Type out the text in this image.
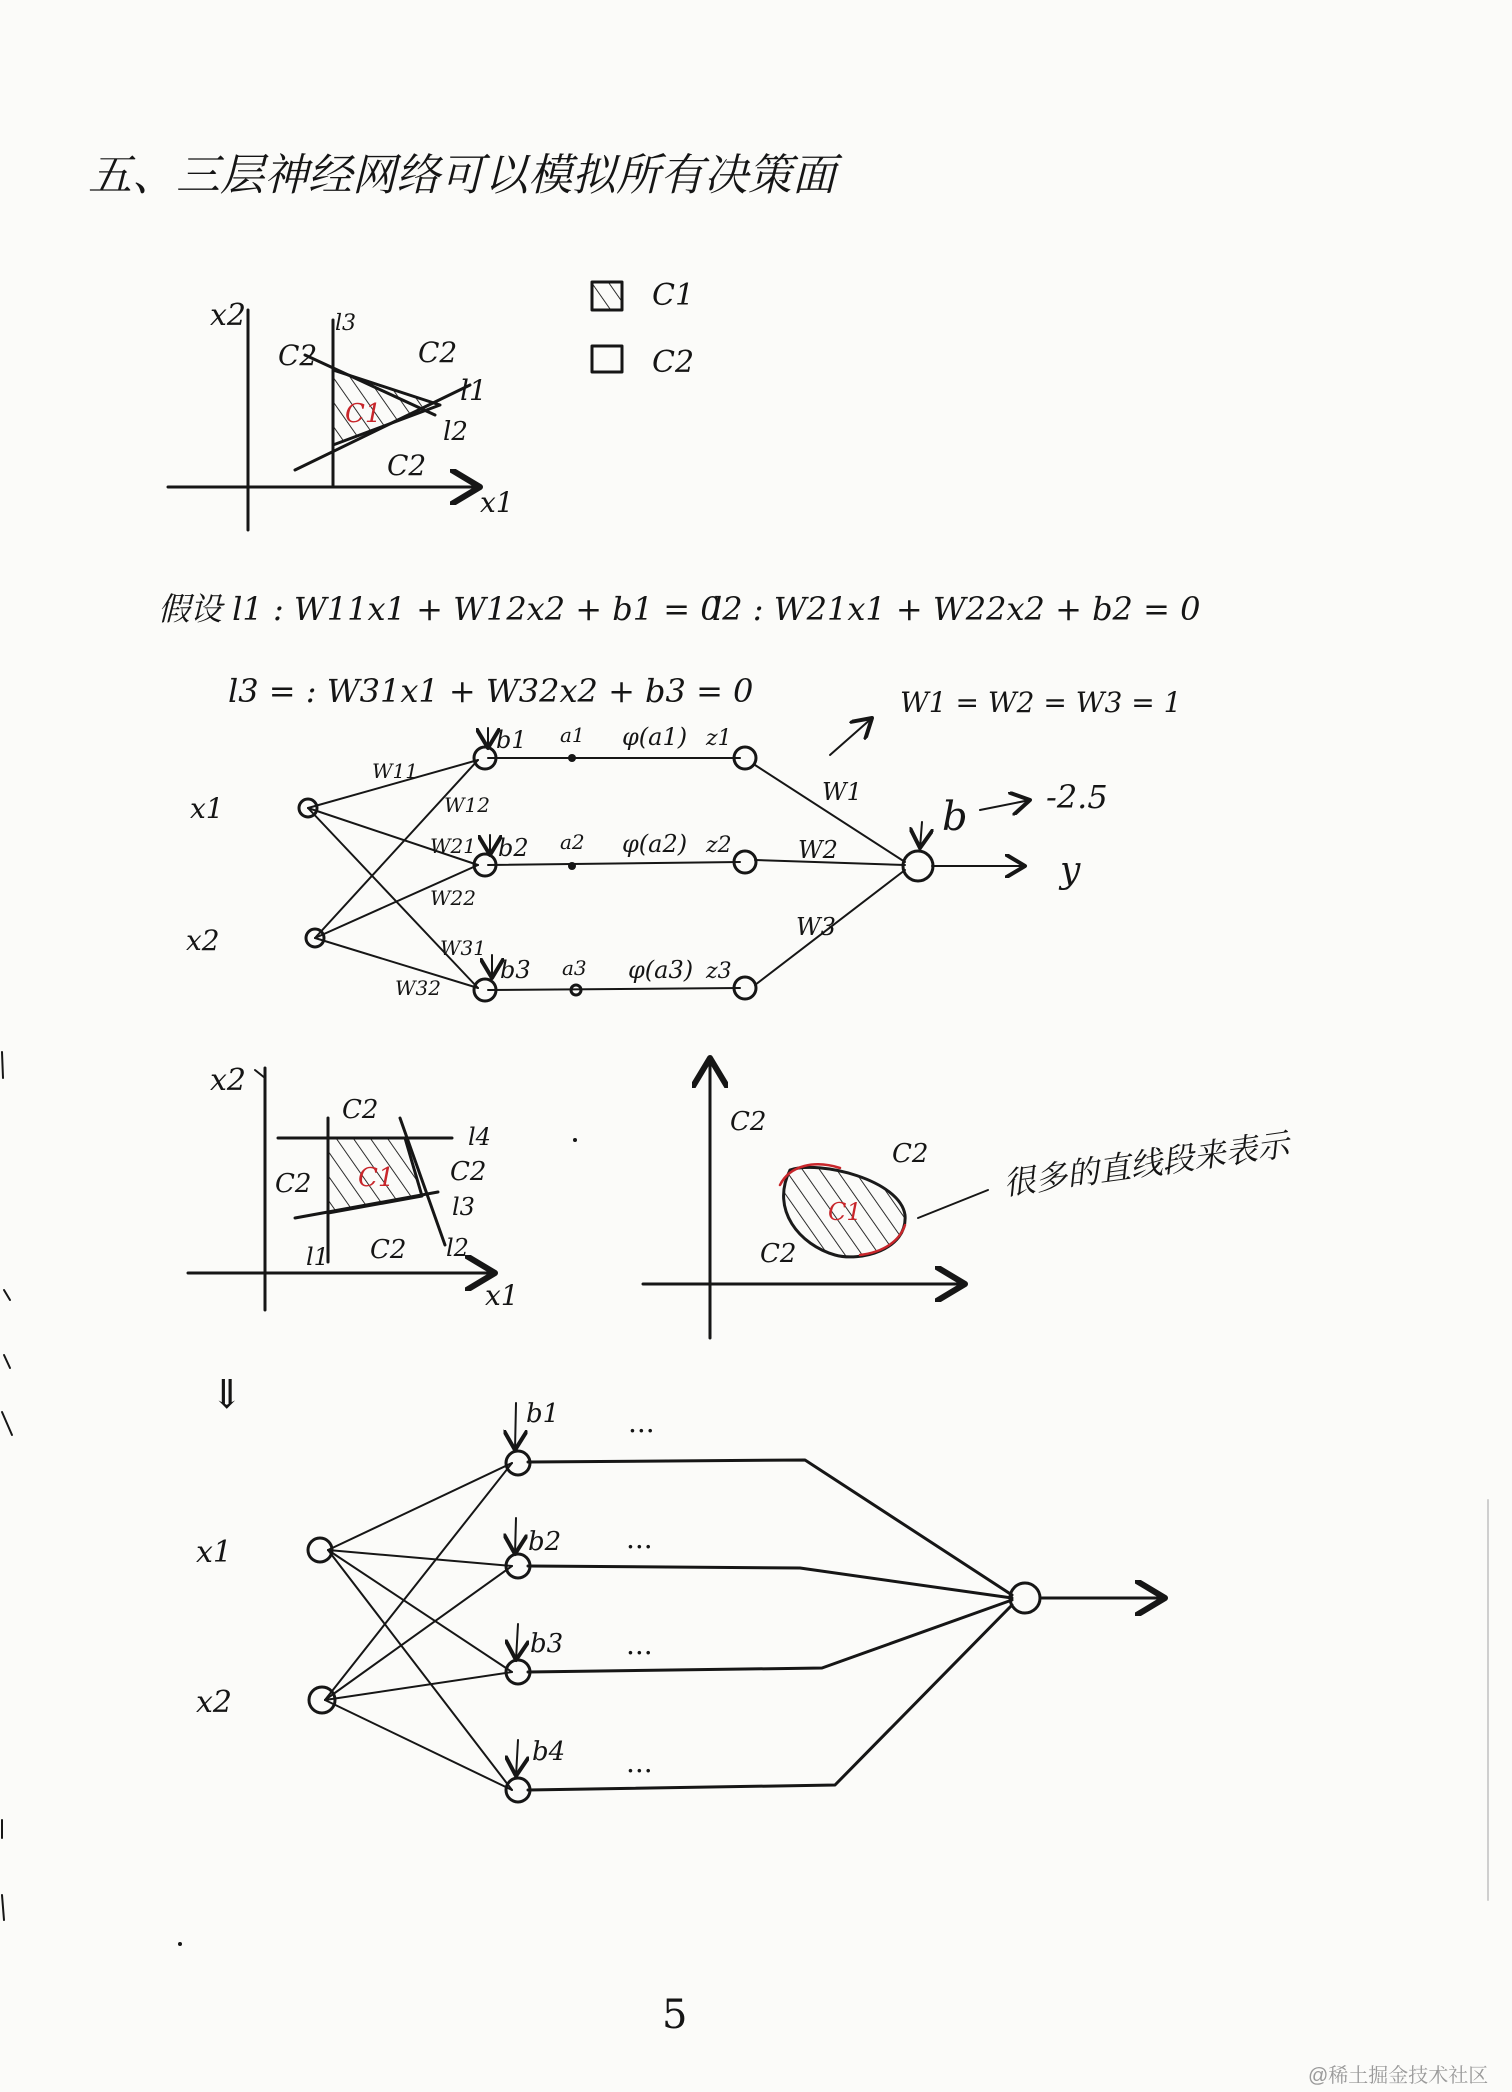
五、三层神经网络可以模拟所有决策面
x2
x1
l3
l1
l2
C2	C2
C2
C1
C1
C2
假设 l1 : W11x1 + W12x2 + b1 = 0
l2 : W21x1 + W22x2 + b2 = 0
l3 = : W31x1 + W32x2 + b3 = 0
x1
x2
W11
W12
W21
W22
W31
W32
b1
b2
b3
a1
a2
a3
φ(a1)
φ(a2)
φ(a3)
z1
z2
z3
W1
W2
W3
b
y
W1 = W2 = W3 = 1
-2.5
x2
x1
l4
l3
l2
l1
C2
C2	C2
C2
C1
C2
C2
C2
C1
很多的直线段来表示
⇓
x1
x2
b1
b2
b3
b4
...
...
...
...
5
@稀土掘金技术社区
